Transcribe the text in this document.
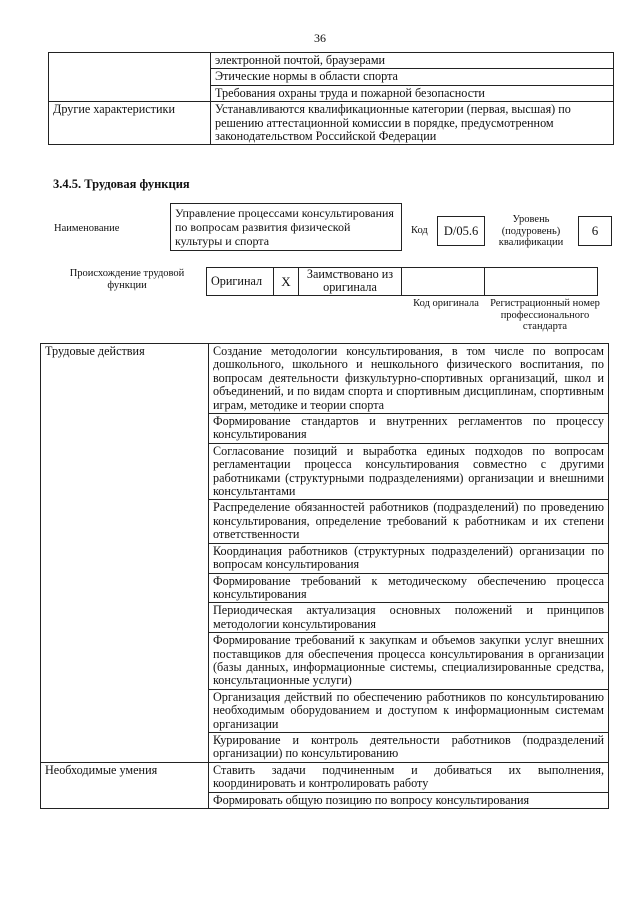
36
	электронной почтой, браузерами
	Этические нормы в области спорта
	Требования охраны труда и пожарной безопасности
Другие характеристики	Устанавливаются квалификационные категории (первая, высшая) по решению аттестационной комиссии в порядке, предусмотренном законодательством Российской Федерации
3.4.5. Трудовая функция
Наименование
Управление процессами консультирования по вопросам развития физической культуры и спорта
Код	D/05.6
Уровень (подуровень) квалификации
6
Происхождение трудовой функции	Оригинал	X	Заимствовано из оригинала		
Код оригинала	Регистрационный номер профессионального стандарта
Трудовые действия	Создание методологии консультирования, в том числе по вопросам дошкольного, школьного и нешкольного физического воспитания, по вопросам деятельности физкультурно-спортивных организаций, школ и объединений, и по видам спорта и спортивным дисциплинам, спортивным играм, методике и теории спорта
	Формирование стандартов и внутренних регламентов по процессу консультирования
	Согласование позиций и выработка единых подходов по вопросам регламентации процесса консультирования совместно с другими работниками (структурными подразделениями) организации и внешними консультантами
	Распределение обязанностей работников (подразделений) по проведению консультирования, определение требований к работникам и их степени ответственности
	Координация работников (структурных подразделений) организации по вопросам консультирования
	Формирование требований к методическому обеспечению процесса консультирования
	Периодическая актуализация основных положений и принципов методологии консультирования
	Формирование требований к закупкам и объемов закупки услуг внешних поставщиков для обеспечения процесса консультирования в организации (базы данных, информационные системы, специализированные средства, консультационные услуги)
	Организация действий по обеспечению работников по консультированию необходимым оборудованием и доступом к информационным системам организации
	Курирование и контроль деятельности работников (подразделений организации) по консультированию
Необходимые умения	Ставить задачи подчиненным и добиваться их выполнения, координировать и контролировать работу
	Формировать общую позицию по вопросу консультирования
